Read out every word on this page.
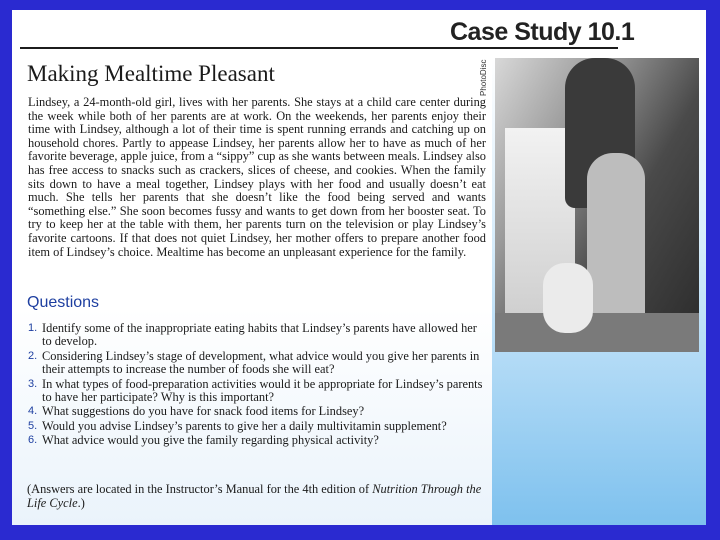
Case Study 10.1
PhotoDisc
Making Mealtime Pleasant

Lindsey, a 24-month-old girl, lives with her parents. She stays at a child care center during the week while both of her parents are at work. On the weekends, her parents enjoy their time with Lindsey, although a lot of their time is spent running errands and catching up on household chores. Partly to appease Lindsey, her parents allow her to have as much of her favorite beverage, apple juice, from a “sippy” cup as she wants between meals. Lindsey also has free access to snacks such as crackers, slices of cheese, and cookies. When the family sits down to have a meal together, Lindsey plays with her food and usually doesn’t eat much. She tells her parents that she doesn’t like the food being served and wants “something else.” She soon becomes fussy and wants to get down from her booster seat. To try to keep her at the table with them, her parents turn on the television or play Lindsey’s favorite cartoons. If that does not quiet Lindsey, her mother offers to prepare another food item of Lindsey’s choice. Mealtime has become an unpleasant experience for the family.

Questions
1. Identify some of the inappropriate eating habits that Lindsey’s parents have allowed her to develop.
2. Considering Lindsey’s stage of development, what advice would you give her parents in their attempts to increase the number of foods she will eat?
3. In what types of food-preparation activities would it be appropriate for Lindsey’s parents to have her participate? Why is this important?
4. What suggestions do you have for snack food items for Lindsey?
5. Would you advise Lindsey’s parents to give her a daily multivitamin supplement?
6. What advice would you give the family regarding physical activity?

(Answers are located in the Instructor’s Manual for the 4th edition of Nutrition Through the Life Cycle.)
